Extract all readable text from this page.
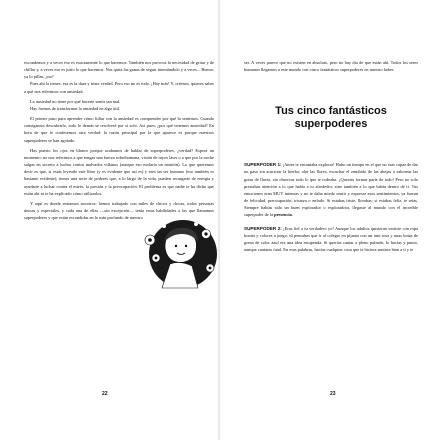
escondemos y a veces eso es exactamente lo que hacemos. También nos provoca la necesidad de gritar y de chillar y, a veces eso es justo lo que hacemos. Nos quita las ganas de seguir intentándolo y a veces... Bueno, ya lo pillas, ¿no?

Pues ahí la tienes: esa es la dura y triste verdad. Pero eso no es todo. ¡Hay más! Y, créenos, quieres saber a qué nos referimos con ansiedad.

La ansiedad no tiene por qué hacerte sentir tan mal.

Hay formas de transformar la ansiedad en algo útil.

El primer paso para aprender cómo lidiar con la ansiedad es comprender por qué la sentimos. Cuando consigamos descubrirlo, todo lo demás se resolverá por sí solo. Así pues, ¿por qué tenemos ansiedad? En hora de que te confesemos otra verdad: la razón principal por la que aparece es porque nuestros superpoderes se han agotado.

Has puesto los ojos en blanco porque acabamos de hablar de superpoderes, ¿verdad? Espera un momento: no nos referimos a que tengas una fuerza sobrehumana, visión de rayos láser o a que por la noche salgas en secreto a luchar contra malvados villanos (aunque eso molaría un montón). Lo que queremos decir es que, si estás leyendo este libro (y es evidente que así es) y eres un ser humano (eso también es bastante evidente), tienes una serie de poderes que, a lo largo de la vida, pueden recargarte de energía y ayudarte a luchar contra el estrés, la presión y la preocupación. El problema es que nadie te ha dicho que están ahí ni te ha explicado cómo utilizarlos.

Y aquí es donde entramos nosotros: hemos trabajado con miles de chicos y chicas, todos personas únicas y especiales, y cada una de ellas —sin excepción— tenía estas habilidades a las que llamamos superpoderes y que están escondidas en lo más profundo de nuestro

22

ser. A veces parece que no existen en absoluto, pero no hay día de que están ahí. Todos los seres humanos llegamos a este mundo con cinco fantásticos superpoderes en nuestro haber.

Tus cinco fantásticos
superpoderes

SUPERPODER 1: ¡Antes te encantaba explorar! Hubo un tiempo en el que no eras capaz de dar un paso sin acariciar la hierba, oler las flores, escuchar el zumbido de las abejas o saborear las gotas de lluvia, sin observar todo lo que te rodeaba. ¿Querías formar parte de todo! Pero no solo prestabas atención a lo que había a tu alrededor, sino también a lo que había dentro de ti. Tus emociones eran MUY intensas y no te daba miedo sentir y expresar esos sentimientos, ya fueran de felicidad, preocupación, tristeza o enfado. Si estabas triste, llorabas; si estabas feliz, te reías. Siempre habías sido un buen explorador o exploradora, llegaste al mundo con el increíble superpoder de la presencia.

SUPERPODER 2: ¡Eras fiel a tu verdadero yo! Aunque los adultos quisieran vestirte con ropa bonita y colores a juego, tú pensabas que ir al colegio en pijama con un tutú rosa y unas botas de goma de color azul era una idea estupenda. Si querías cantar a pleno pulmón, lo hacías y punto, aunque cantaras fatal. En esas palabras, hacías cualquier cosa que te hiciera sentirte bien a ti y te

23
